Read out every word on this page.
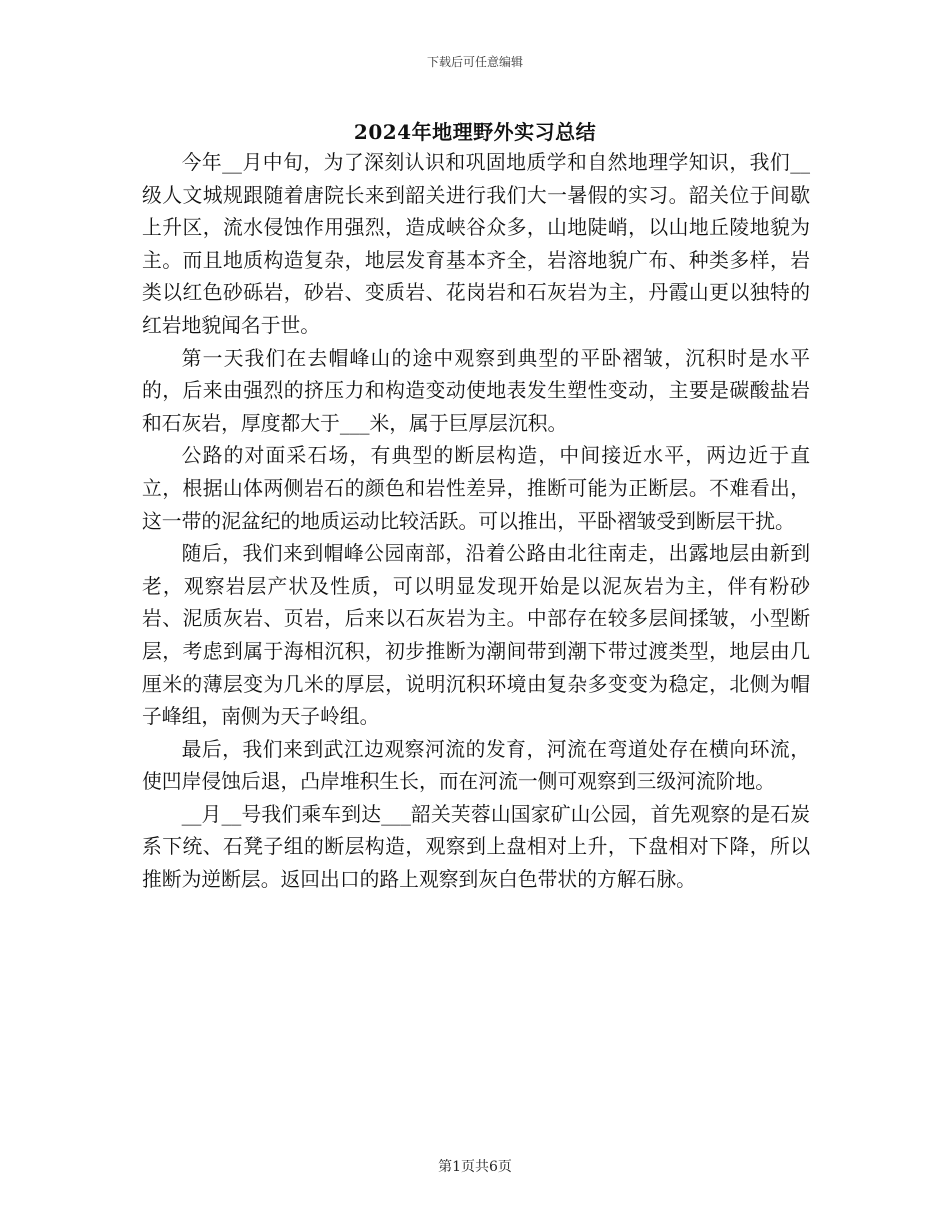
下载后可任意编辑
2024年地理野外实习总结

今年__月中旬，为了深刻认识和巩固地质学和自然地理学知识，我们__级人文城规跟随着唐院长来到韶关进行我们大一暑假的实习。韶关位于间歇上升区，流水侵蚀作用强烈，造成峡谷众多，山地陡峭，以山地丘陵地貌为主。而且地质构造复杂，地层发育基本齐全，岩溶地貌广布、种类多样，岩类以红色砂砾岩，砂岩、变质岩、花岗岩和石灰岩为主，丹霞山更以独特的红岩地貌闻名于世。

第一天我们在去帽峰山的途中观察到典型的平卧褶皱，沉积时是水平的，后来由强烈的挤压力和构造变动使地表发生塑性变动，主要是碳酸盐岩和石灰岩，厚度都大于___米，属于巨厚层沉积。

公路的对面采石场，有典型的断层构造，中间接近水平，两边近于直立，根据山体两侧岩石的颜色和岩性差异，推断可能为正断层。不难看出，这一带的泥盆纪的地质运动比较活跃。可以推出，平卧褶皱受到断层干扰。

随后，我们来到帽峰公园南部，沿着公路由北往南走，出露地层由新到老，观察岩层产状及性质，可以明显发现开始是以泥灰岩为主，伴有粉砂岩、泥质灰岩、页岩，后来以石灰岩为主。中部存在较多层间揉皱，小型断层，考虑到属于海相沉积，初步推断为潮间带到潮下带过渡类型，地层由几厘米的薄层变为几米的厚层，说明沉积环境由复杂多变变为稳定，北侧为帽子峰组，南侧为天子岭组。

最后，我们来到武江边观察河流的发育，河流在弯道处存在横向环流，使凹岸侵蚀后退，凸岸堆积生长，而在河流一侧可观察到三级河流阶地。

__月__号我们乘车到达___韶关芙蓉山国家矿山公园，首先观察的是石炭系下统、石凳子组的断层构造，观察到上盘相对上升，下盘相对下降，所以推断为逆断层。返回出口的路上观察到灰白色带状的方解石脉。

第1页共6页
